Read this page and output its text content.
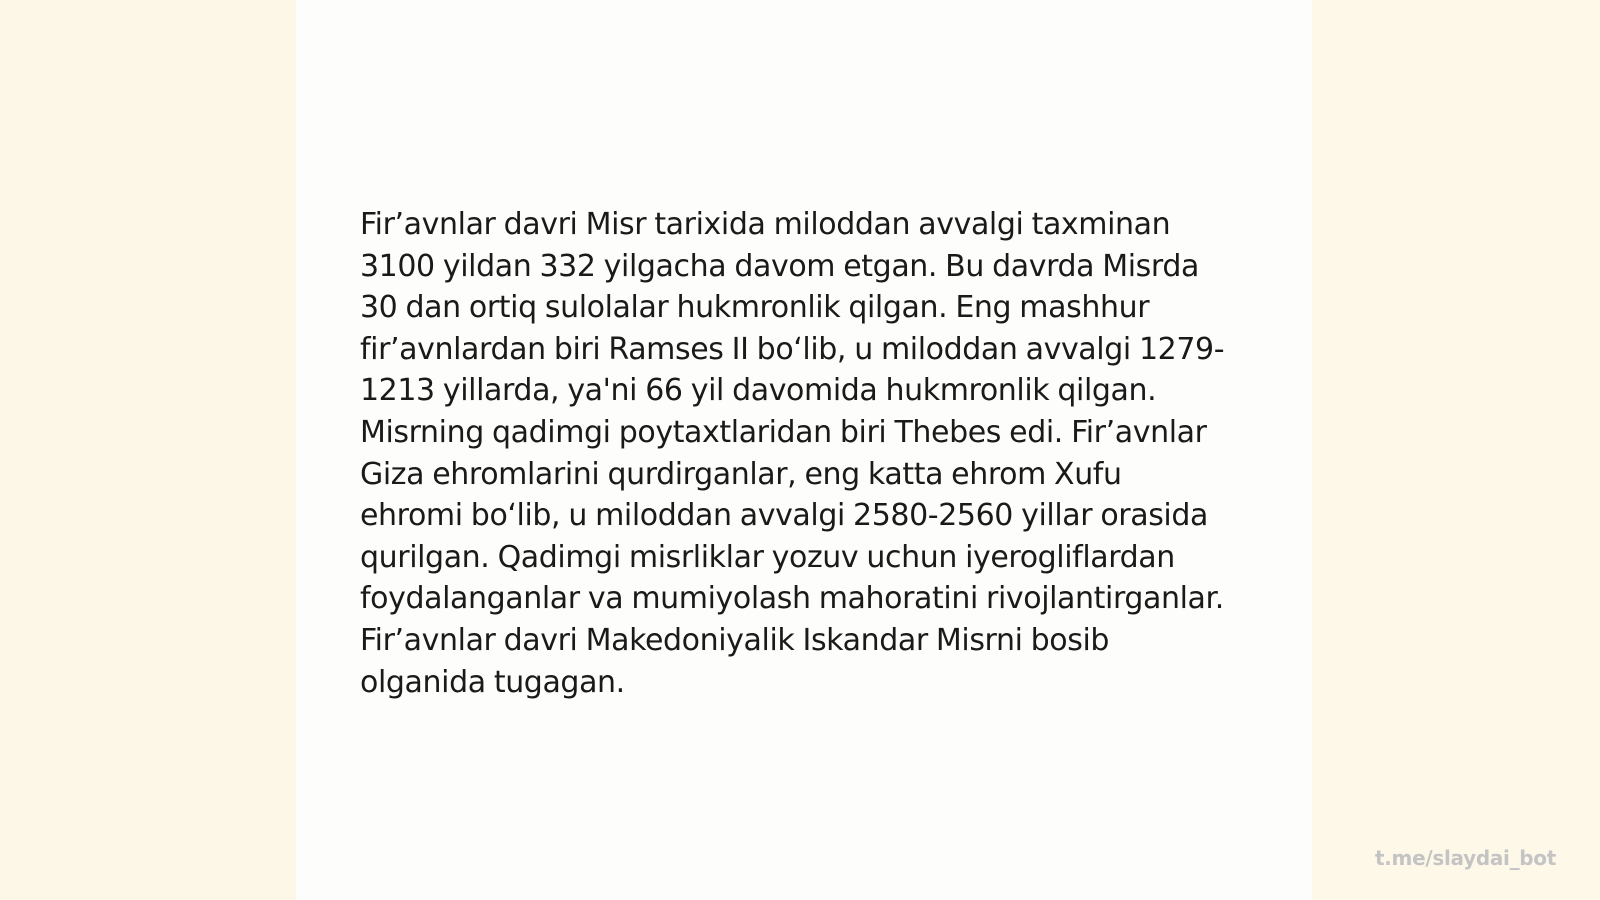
Fir’avnlar davri Misr tarixida miloddan avvalgi taxminan 3100 yildan 332 yilgacha davom etgan. Bu davrda Misrda 30 dan ortiq sulolalar hukmronlik qilgan. Eng mashhur fir’avnlardan biri Ramses II bo‘lib, u miloddan avvalgi 1279-1213 yillarda, ya'ni 66 yil davomida hukmronlik qilgan. Misrning qadimgi poytaxtlaridan biri Thebes edi. Fir’avnlar Giza ehromlarini qurdirganlar, eng katta ehrom Xufu ehromi bo‘lib, u miloddan avvalgi 2580-2560 yillar orasida qurilgan. Qadimgi misrliklar yozuv uchun iyerogliflardan foydalanganlar va mumiyolash mahoratini rivojlantirganlar. Fir’avnlar davri Makedoniyalik Iskandar Misrni bosib olganida tugagan.

t.me/slaydai_bot
